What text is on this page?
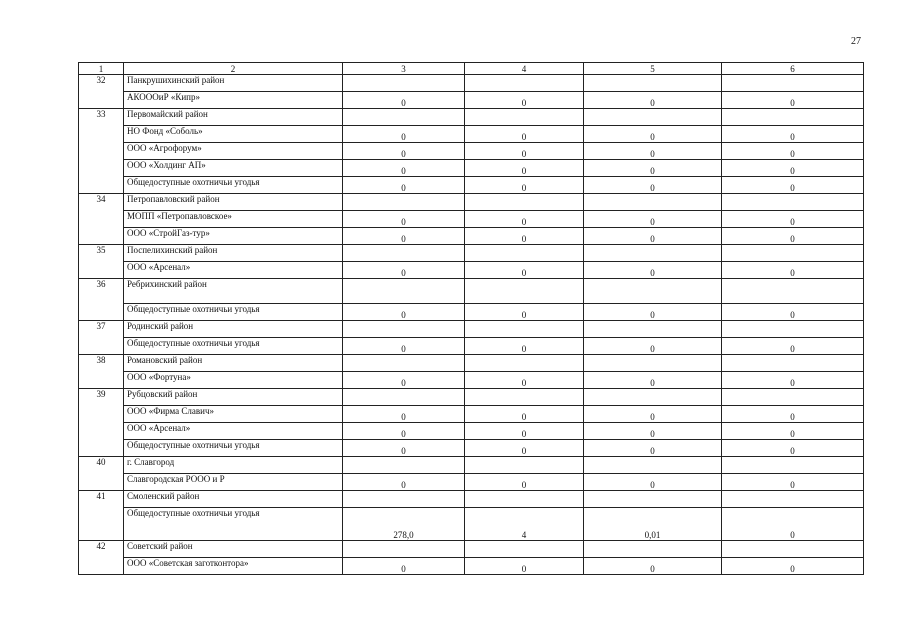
27
1	2	3	4	5	6
32	Панкрушихинский район				
	АКОООиР «Кипр»	0	0	0	0
33	Первомайский район				
	НО Фонд «Соболь»	0	0	0	0
	ООО «Агрофорум»	0	0	0	0
	ООО «Холдинг АП»	0	0	0	0
	Общедоступные охотничьи угодья	0	0	0	0
34	Петропавловский район				
	МОПП «Петропавловское»	0	0	0	0
	ООО «СтройГаз-тур»	0	0	0	0
35	Поспелихинский район				
	ООО «Арсенал»	0	0	0	0
36	Ребрихинский район				
	Общедоступные охотничьи угодья	0	0	0	0
37	Родинский район				
	Общедоступные охотничьи угодья	0	0	0	0
38	Романовский район				
	ООО «Фортуна»	0	0	0	0
39	Рубцовский район				
	ООО «Фирма Славич»	0	0	0	0
	ООО «Арсенал»	0	0	0	0
	Общедоступные охотничьи угодья	0	0	0	0
40	г. Славгород				
	Славгородская РООО и Р	0	0	0	0
41	Смоленский район				
	Общедоступные охотничьи угодья	278,0	4	0,01	0
42	Советский район				
	ООО «Советская заготконтора»	0	0	0	0
